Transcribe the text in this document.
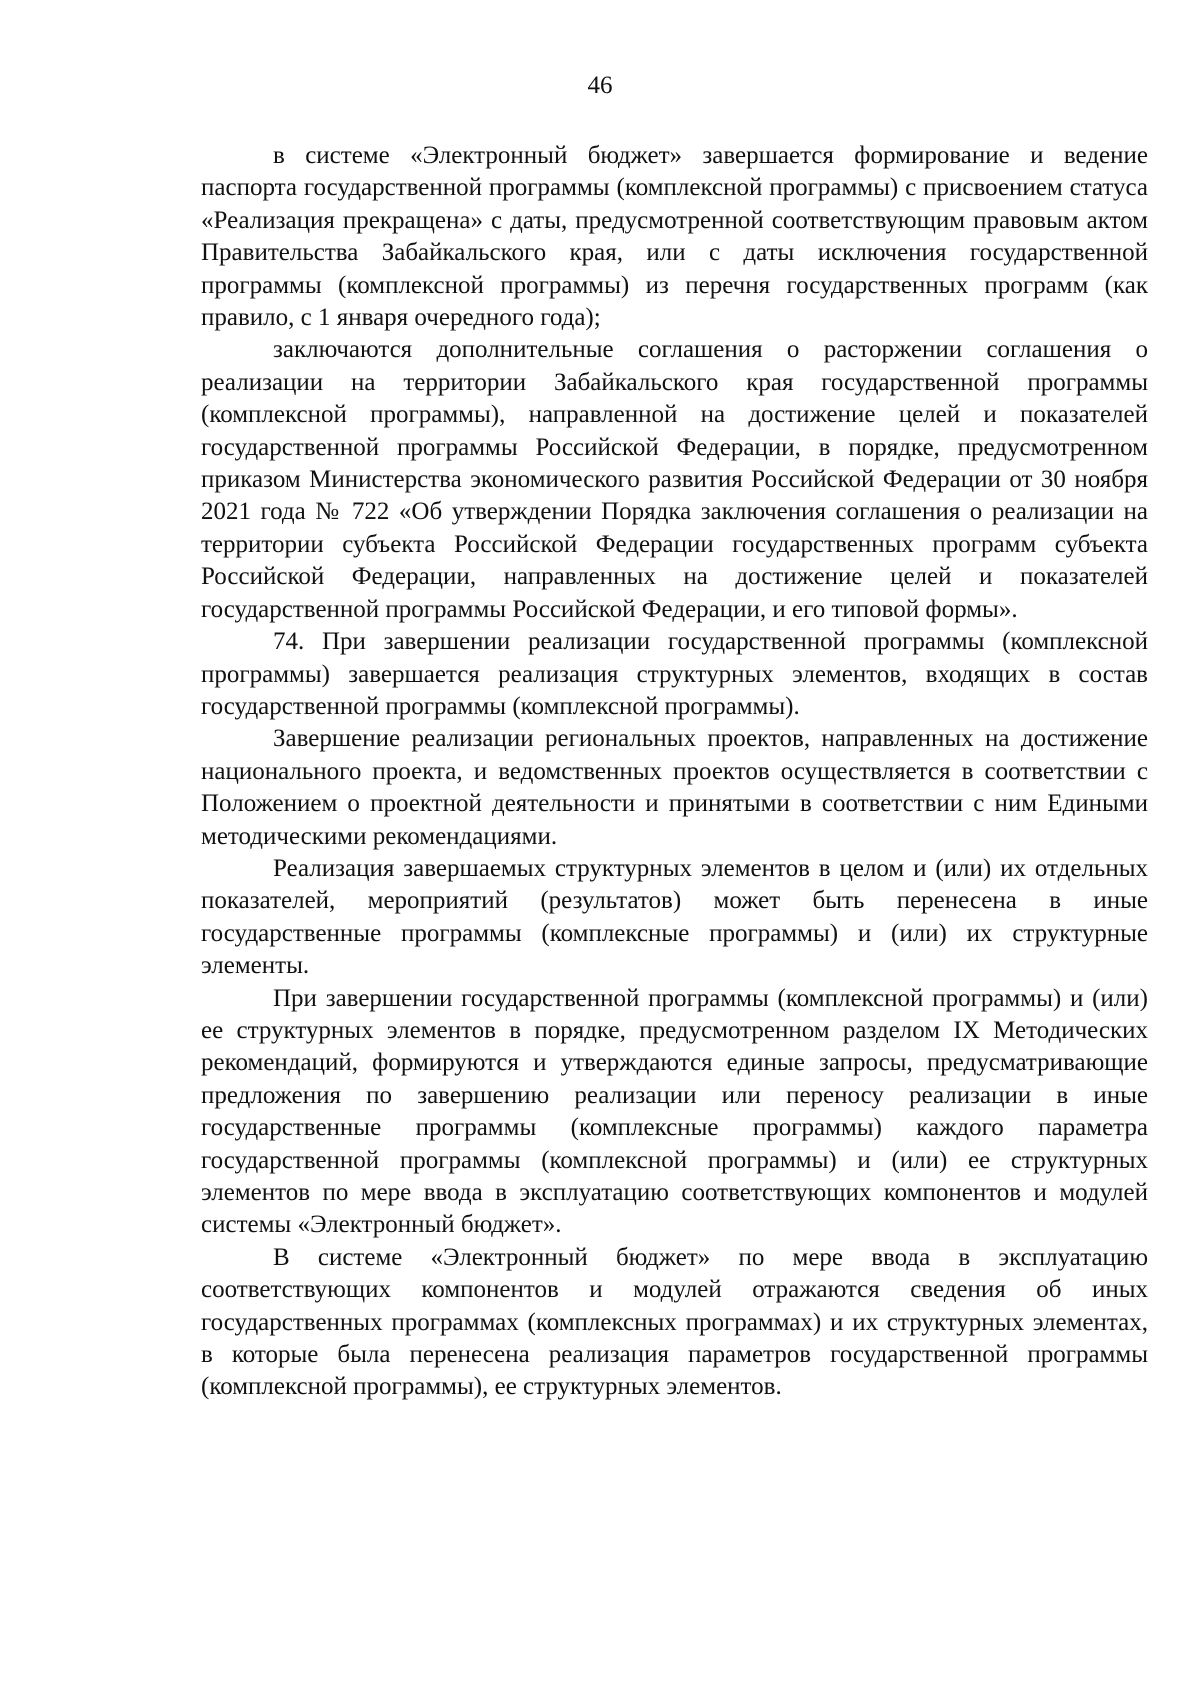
46

в системе «Электронный бюджет» завершается формирование и ведение паспорта государственной программы (комплексной программы) с присвоением статуса «Реализация прекращена» с даты, предусмотренной соответствующим правовым актом Правительства Забайкальского края, или с даты исключения государственной программы (комплексной программы) из перечня государственных программ (как правило, с 1 января очередного года);

заключаются дополнительные соглашения о расторжении соглашения о реализации на территории Забайкальского края государственной программы (комплексной программы), направленной на достижение целей и показателей государственной программы Российской Федерации, в порядке, предусмотренном приказом Министерства экономического развития Российской Федерации от 30 ноября 2021 года № 722 «Об утверждении Порядка заключения соглашения о реализации на территории субъекта Российской Федерации государственных программ субъекта Российской Федерации, направленных на достижение целей и показателей государственной программы Российской Федерации, и его типовой формы».

74. При завершении реализации государственной программы (комплексной программы) завершается реализация структурных элементов, входящих в состав государственной программы (комплексной программы).

Завершение реализации региональных проектов, направленных на достижение национального проекта, и ведомственных проектов осуществляется в соответствии с Положением о проектной деятельности и принятыми в соответствии с ним Едиными методическими рекомендациями.

Реализация завершаемых структурных элементов в целом и (или) их отдельных показателей, мероприятий (результатов) может быть перенесена в иные государственные программы (комплексные программы) и (или) их структурные элементы.

При завершении государственной программы (комплексной программы) и (или) ее структурных элементов в порядке, предусмотренном разделом IX Методических рекомендаций, формируются и утверждаются единые запросы, предусматривающие предложения по завершению реализации или переносу реализации в иные государственные программы (комплексные программы) каждого параметра государственной программы (комплексной программы) и (или) ее структурных элементов по мере ввода в эксплуатацию соответствующих компонентов и модулей системы «Электронный бюджет».

В системе «Электронный бюджет» по мере ввода в эксплуатацию соответствующих компонентов и модулей отражаются сведения об иных государственных программах (комплексных программах) и их структурных элементах, в которые была перенесена реализация параметров государственной программы (комплексной программы), ее структурных элементов.
